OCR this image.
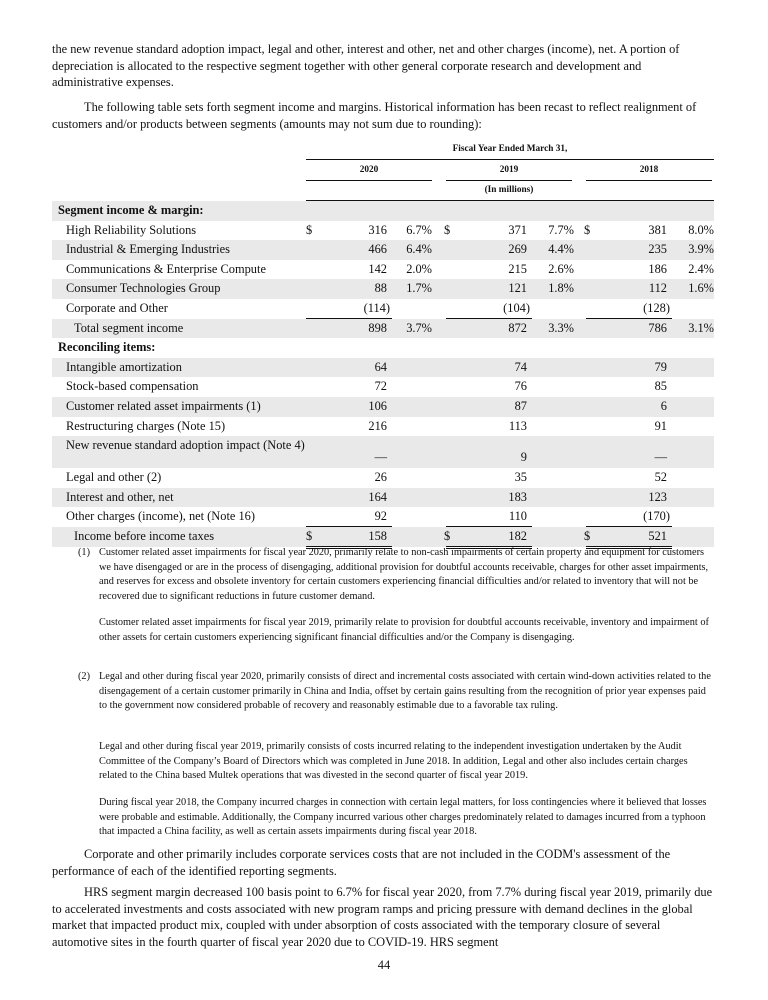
the new revenue standard adoption impact, legal and other, interest and other, net and other charges (income), net. A portion of depreciation is allocated to the respective segment together with other general corporate research and development and administrative expenses.

The following table sets forth segment income and margins. Historical information has been recast to reflect realignment of customers and/or products between segments (amounts may not sum due to rounding):

Fiscal Year Ended March 31,
2020	2019	2018
(In millions)
Segment income & margin:
High Reliability Solutions	$	316	6.7% $	371	7.7% $	381	8.0%
Industrial & Emerging Industries	466	6.4%	269	4.4%	235	3.9%
Communications & Enterprise Compute	142	2.0%	215	2.6%	186	2.4%
Consumer Technologies Group	88	1.7%	121	1.8%	112	1.6%
Corporate and Other	(114)	(104)	(128)
Total segment income	898	3.7%	872	3.3%	786	3.1%
Reconciling items:
Intangible amortization	64	74	79
Stock-based compensation	72	76	85
Customer related asset impairments (1)	106	87	6
Restructuring charges (Note 15)	216	113	91
New revenue standard adoption impact (Note 4)
—	9	—
Legal and other (2)	26	35	52
Interest and other, net	164	183	123
Other charges (income), net (Note 16)	92	110	(170)
Income before income taxes	$	158	$	182	$	521
(1) Customer related asset impairments for fiscal year 2020, primarily relate to non-cash impairments of certain property and equipment for customers we have disengaged or are in the process of disengaging, additional provision for doubtful accounts receivable, charges for other asset impairments, and reserves for excess and obsolete inventory for certain customers experiencing financial difficulties and/or related to inventory that will not be recovered due to significant reductions in future customer demand.

Customer related asset impairments for fiscal year 2019, primarily relate to provision for doubtful accounts receivable, inventory and impairment of other assets for certain customers experiencing significant financial difficulties and/or the Company is disengaging.

(2) Legal and other during fiscal year 2020, primarily consists of direct and incremental costs associated with certain wind-down activities related to the disengagement of a certain customer primarily in China and India, offset by certain gains resulting from the recognition of prior year expenses paid to the government now considered probable of recovery and reasonably estimable due to a favorable tax ruling.

Legal and other during fiscal year 2019, primarily consists of costs incurred relating to the independent investigation undertaken by the Audit Committee of the Company’s Board of Directors which was completed in June 2018. In addition, Legal and other also includes certain charges related to the China based Multek operations that was divested in the second quarter of fiscal year 2019.

During fiscal year 2018, the Company incurred charges in connection with certain legal matters, for loss contingencies where it believed that losses were probable and estimable. Additionally, the Company incurred various other charges predominately related to damages incurred from a typhoon that impacted a China facility, as well as certain assets impairments during fiscal year 2018.

Corporate and other primarily includes corporate services costs that are not included in the CODM's assessment of the performance of each of the identified reporting segments.

HRS segment margin decreased 100 basis point to 6.7% for fiscal year 2020, from 7.7% during fiscal year 2019, primarily due to accelerated investments and costs associated with new program ramps and pricing pressure with demand declines in the global market that impacted product mix, coupled with under absorption of costs associated with the temporary closure of several automotive sites in the fourth quarter of fiscal year 2020 due to COVID-19. HRS segment

44
